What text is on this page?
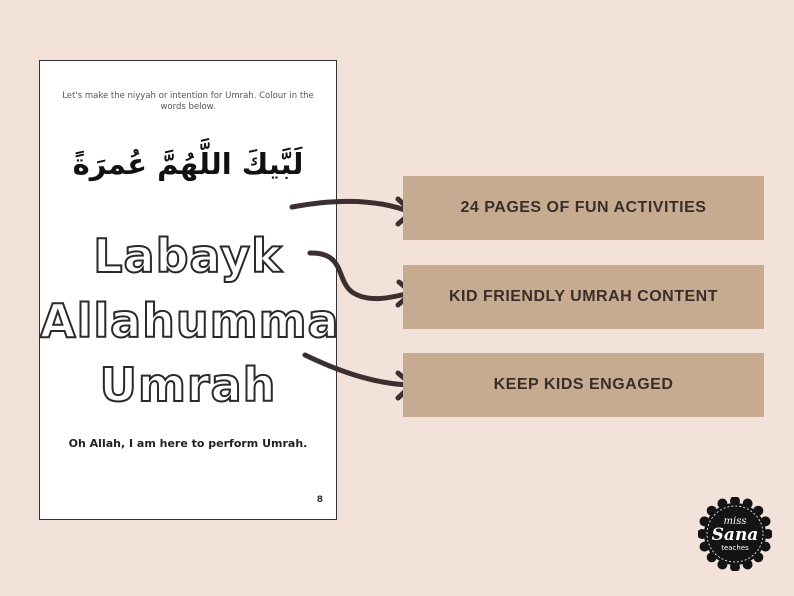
Let's make the niyyah or intention for Umrah. Colour in the words below.
لَبَّيكَ اللَّهُمَّ عُمرَةً
Labayk
Allahumma
Umrah
Oh Allah, I am here to perform Umrah.
8
24 PAGES OF FUN ACTIVITIES
KID FRIENDLY UMRAH CONTENT
KEEP KIDS ENGAGED
miss
Sana
teaches
